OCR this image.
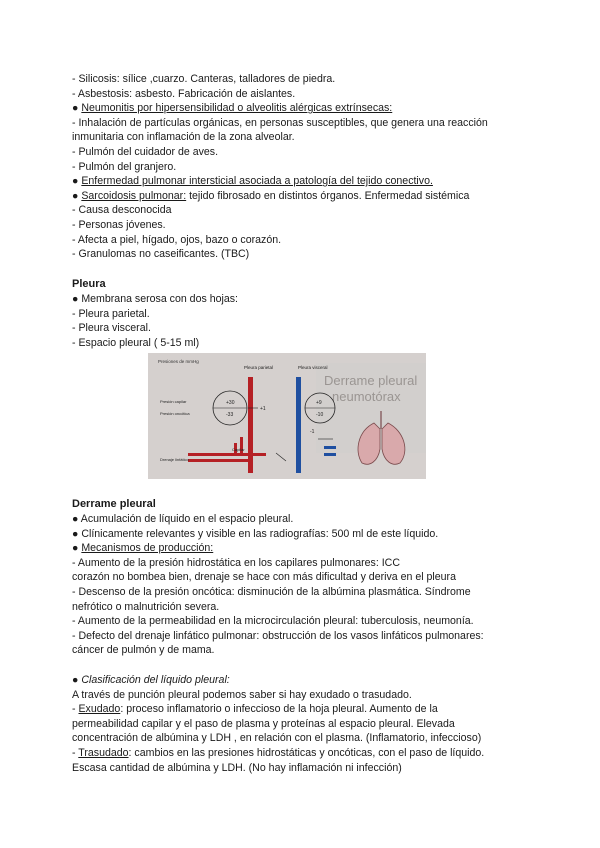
- Silicosis: sílice ,cuarzo. Canteras, talladores de piedra.
- Asbestosis: asbesto. Fabricación de aislantes.
● Neumonitis por hipersensibilidad o alveolitis alérgicas extrínsecas:
- Inhalación de partículas orgánicas, en personas susceptibles, que genera una reacción
inmunitaria con inflamación de la zona alveolar.
- Pulmón del cuidador de aves.
- Pulmón del granjero.
● Enfermedad pulmonar intersticial asociada a patología del tejido conectivo.
● Sarcoidosis pulmonar: tejido fibrosado en distintos órganos. Enfermedad sistémica
- Causa desconocida
- Personas jóvenes.
- Afecta a piel, hígado, ojos, bazo o corazón.
- Granulomas no caseificantes. (TBC)
Pleura
● Membrana serosa con dos hojas:
- Pleura parietal.
- Pleura visceral.
- Espacio pleural ( 5-15 ml)
Derrame pleural
neumotórax
Presiones de mmHg
Pleura parietal	Pleura visceral
+30
-33
Presión capilar
Presión oncótica
+1
+9
-10
-1
Drenaje linfático
Capilar
Derrame pleural
● Acumulación de líquido en el espacio pleural.
● Clínicamente relevantes y visible en las radiografías: 500 ml de este líquido.
● Mecanismos de producción:
- Aumento de la presión hidrostática en los capilares pulmonares: ICC
corazón no bombea bien, drenaje se hace con más dificultad y deriva en el pleura
- Descenso de la presión oncótica: disminución de la albúmina plasmática. Síndrome
nefrótico o malnutrición severa.
- Aumento de la permeabilidad en la microcirculación pleural: tuberculosis, neumonía.
- Defecto del drenaje linfático pulmonar: obstrucción de los vasos linfáticos pulmonares:
cáncer de pulmón y de mama.
● Clasificación del líquido pleural:
A través de punción pleural podemos saber si hay exudado o trasudado.
- Exudado: proceso inflamatorio o infeccioso de la hoja pleural. Aumento de la
permeabilidad capilar y el paso de plasma y proteínas al espacio pleural. Elevada
concentración de albúmina y LDH , en relación con el plasma. (Inflamatorio, infeccioso)
- Trasudado: cambios en las presiones hidrostáticas y oncóticas, con el paso de líquido.
Escasa cantidad de albúmina y LDH. (No hay inflamación ni infección)
